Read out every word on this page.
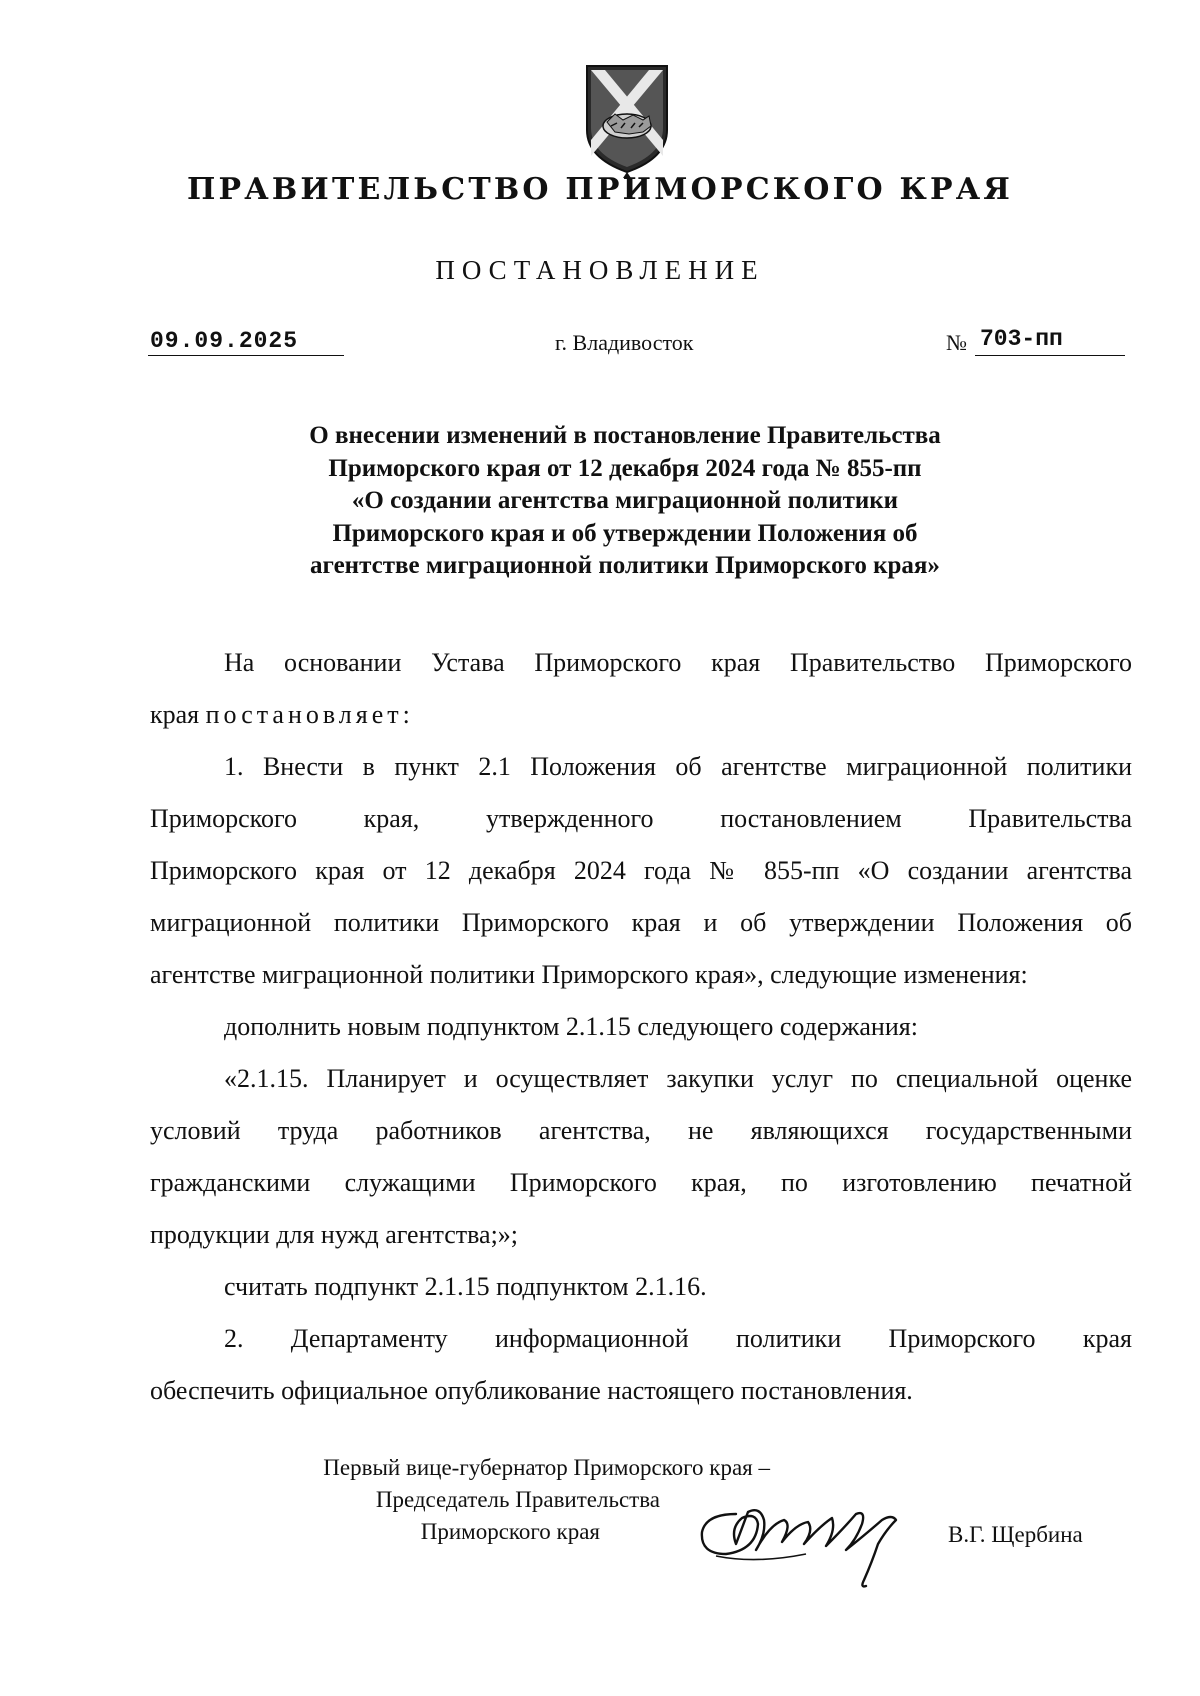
ПРАВИТЕЛЬСТВО ПРИМОРСКОГО КРАЯ
ПОСТАНОВЛЕНИЕ
09.09.2025	г. Владивосток	№ 703-пп
О внесении изменений в постановление Правительства
Приморского края от 12 декабря 2024 года № 855-пп
«О создании агентства миграционной политики
Приморского края и об утверждении Положения об
агентстве миграционной политики Приморского края»
На основании Устава Приморского края Правительство Приморского
края постановляет:
1. Внести в пункт 2.1 Положения об агентстве миграционной политики
Приморского края, утвержденного постановлением Правительства
Приморского края от 12 декабря 2024 года № 855-пп «О создании агентства
миграционной политики Приморского края и об утверждении Положения об
агентстве миграционной политики Приморского края», следующие изменения:
дополнить новым подпунктом 2.1.15 следующего содержания:
«2.1.15. Планирует и осуществляет закупки услуг по специальной оценке
условий труда работников агентства, не являющихся государственными
гражданскими служащими Приморского края, по изготовлению печатной
продукции для нужд агентства;»;
считать подпункт 2.1.15 подпунктом 2.1.16.
2. Департаменту информационной политики Приморского края
обеспечить официальное опубликование настоящего постановления.
Первый вице-губернатор Приморского края –
Председатель Правительства
Приморского края	В.Г. Щербина
